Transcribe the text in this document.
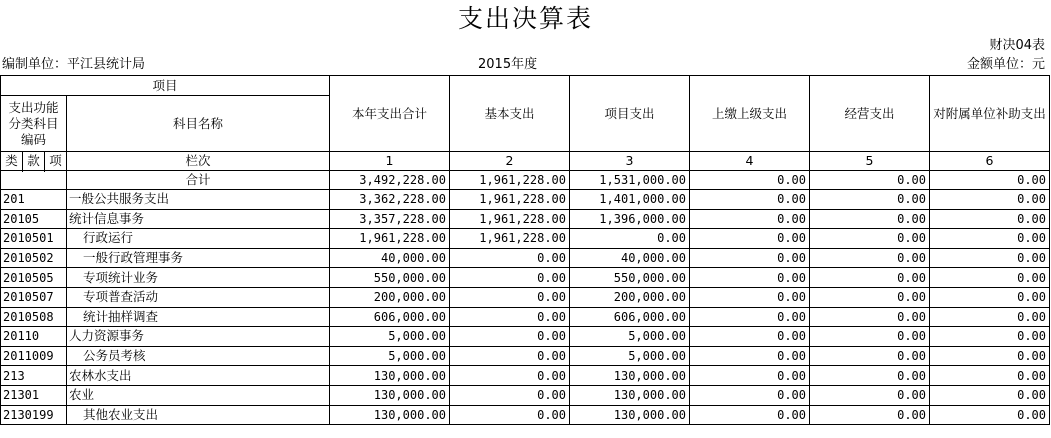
支出决算表
财决04表
编制单位：平江县统计局	2015年度	金额单位：元
项目				本年支出合计	基本支出	项目支出	上缴上级支出	经营支出	对附属单位补助支出
支出功能分类科目编码			科目名称						

类	款	项	栏次	1	2	3	4	5	6

			合计	3,492,228.00	1,961,228.00	1,531,000.00	0.00	0.00	0.00
201			一般公共服务支出	3,362,228.00	1,961,228.00	1,401,000.00	0.00	0.00	0.00
20105			统计信息事务	3,357,228.00	1,961,228.00	1,396,000.00	0.00	0.00	0.00
2010501			行政运行	1,961,228.00	1,961,228.00	0.00	0.00	0.00	0.00
2010502			一般行政管理事务	40,000.00	0.00	40,000.00	0.00	0.00	0.00
2010505			专项统计业务	550,000.00	0.00	550,000.00	0.00	0.00	0.00
2010507			专项普查活动	200,000.00	0.00	200,000.00	0.00	0.00	0.00
2010508			统计抽样调查	606,000.00	0.00	606,000.00	0.00	0.00	0.00
20110			人力资源事务	5,000.00	0.00	5,000.00	0.00	0.00	0.00
2011009			公务员考核	5,000.00	0.00	5,000.00	0.00	0.00	0.00
213			农林水支出	130,000.00	0.00	130,000.00	0.00	0.00	0.00
21301			农业	130,000.00	0.00	130,000.00	0.00	0.00	0.00
2130199			其他农业支出	130,000.00	0.00	130,000.00	0.00	0.00	0.00
